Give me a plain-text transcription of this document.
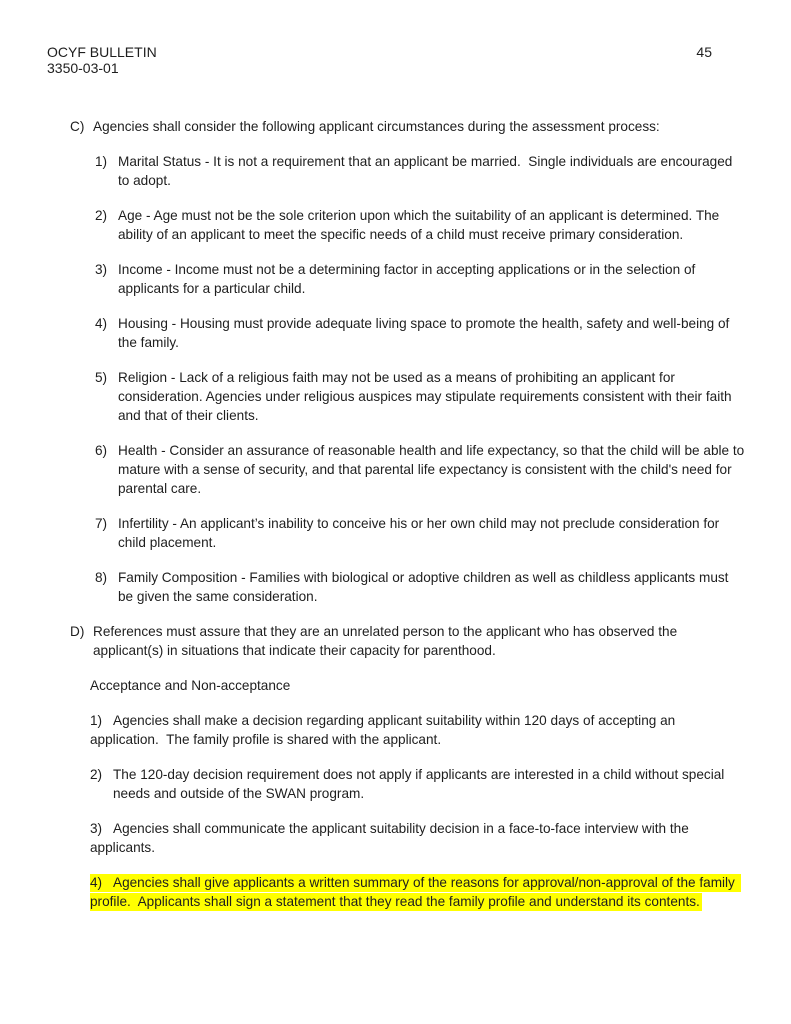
OCYF BULLETIN
3350-03-01
45
C) Agencies shall consider the following applicant circumstances during the assessment process:
1) Marital Status - It is not a requirement that an applicant be married.  Single individuals are encouraged to adopt.
2) Age - Age must not be the sole criterion upon which the suitability of an applicant is determined. The ability of an applicant to meet the specific needs of a child must receive primary consideration.
3) Income - Income must not be a determining factor in accepting applications or in the selection of applicants for a particular child.
4) Housing - Housing must provide adequate living space to promote the health, safety and well-being of the family.
5) Religion - Lack of a religious faith may not be used as a means of prohibiting an applicant for consideration. Agencies under religious auspices may stipulate requirements consistent with their faith and that of their clients.
6) Health - Consider an assurance of reasonable health and life expectancy, so that the child will be able to mature with a sense of security, and that parental life expectancy is consistent with the child's need for parental care.
7) Infertility - An applicant’s inability to conceive his or her own child may not preclude consideration for child placement.
8) Family Composition - Families with biological or adoptive children as well as childless applicants must be given the same consideration.
D) References must assure that they are an unrelated person to the applicant who has observed the applicant(s) in situations that indicate their capacity for parenthood.
Acceptance and Non-acceptance
1) Agencies shall make a decision regarding applicant suitability within 120 days of accepting an application.  The family profile is shared with the applicant.
2) The 120-day decision requirement does not apply if applicants are interested in a child without special needs and outside of the SWAN program.
3) Agencies shall communicate the applicant suitability decision in a face-to-face interview with the applicants.
4) Agencies shall give applicants a written summary of the reasons for approval/non-approval of the family profile.  Applicants shall sign a statement that they read the family profile and understand its contents.
